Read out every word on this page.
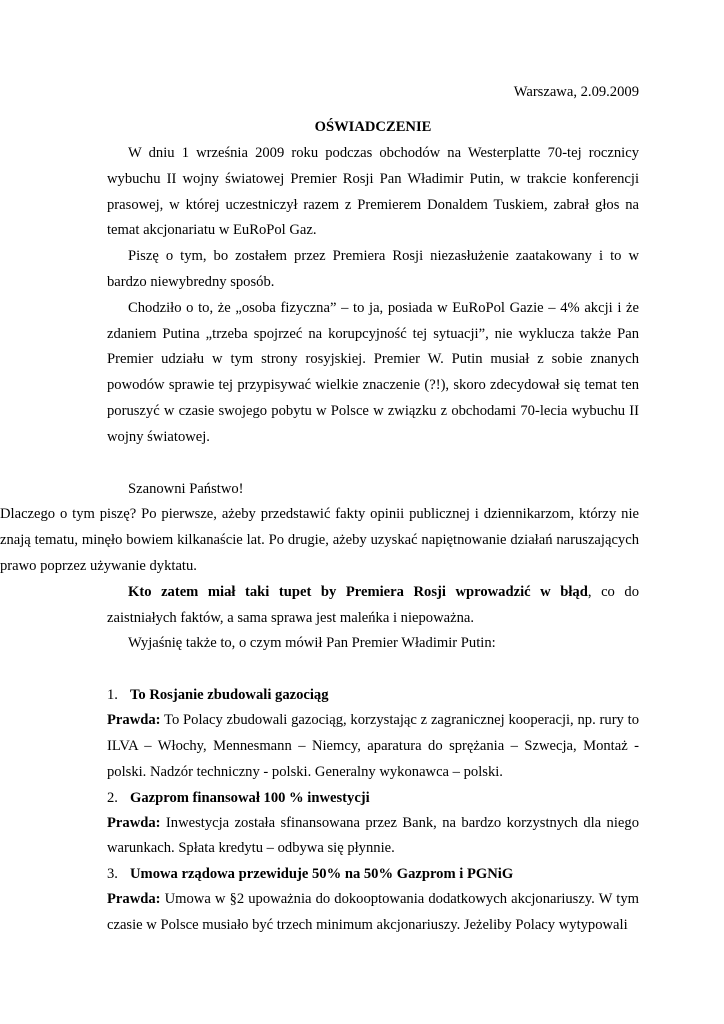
Warszawa, 2.09.2009
OŚWIADCZENIE

W dniu 1 września 2009 roku podczas obchodów na Westerplatte 70-tej rocznicy wybuchu II wojny światowej Premier Rosji Pan Władimir Putin, w trakcie konferencji prasowej, w której uczestniczył razem z Premierem Donaldem Tuskiem, zabrał głos na temat akcjonariatu w EuRoPol Gaz.

Piszę o tym, bo zostałem przez Premiera Rosji niezasłużenie zaatakowany i to w bardzo niewybredny sposób.

Chodziło o to, że „osoba fizyczna” – to ja, posiada w EuRoPol Gazie – 4% akcji i że zdaniem Putina „trzeba spojrzeć na korupcyjność tej sytuacji”, nie wyklucza także Pan Premier udziału w tym strony rosyjskiej. Premier W. Putin musiał z sobie znanych powodów sprawie tej przypisywać wielkie znaczenie (?!), skoro zdecydował się temat ten poruszyć w czasie swojego pobytu w Polsce w związku z obchodami 70-lecia wybuchu II wojny światowej.

Szanowni Państwo!

Dlaczego o tym piszę? Po pierwsze, ażeby przedstawić fakty opinii publicznej i dziennikarzom, którzy nie znają tematu, minęło bowiem kilkanaście lat. Po drugie, ażeby uzyskać napiętnowanie działań naruszających prawo poprzez używanie dyktatu.

Kto zatem miał taki tupet by Premiera Rosji wprowadzić w błąd, co do zaistniałych faktów, a sama sprawa jest maleńka i niepoważna.

Wyjaśnię także to, o czym mówił Pan Premier Władimir Putin:

1. To Rosjanie zbudowali gazociąg

Prawda: To Polacy zbudowali gazociąg, korzystając z zagranicznej kooperacji, np. rury to ILVA – Włochy, Mennesmann – Niemcy, aparatura do sprężania – Szwecja, Montaż - polski. Nadzór techniczny - polski. Generalny wykonawca – polski.

2. Gazprom finansował 100 % inwestycji

Prawda: Inwestycja została sfinansowana przez Bank, na bardzo korzystnych dla niego warunkach. Spłata kredytu – odbywa się płynnie.

3. Umowa rządowa przewiduje 50% na 50% Gazprom i PGNiG

Prawda: Umowa w §2 upoważnia do dokooptowania dodatkowych akcjonariuszy. W tym czasie w Polsce musiało być trzech minimum akcjonariuszy. Jeżeliby Polacy wytypowali
